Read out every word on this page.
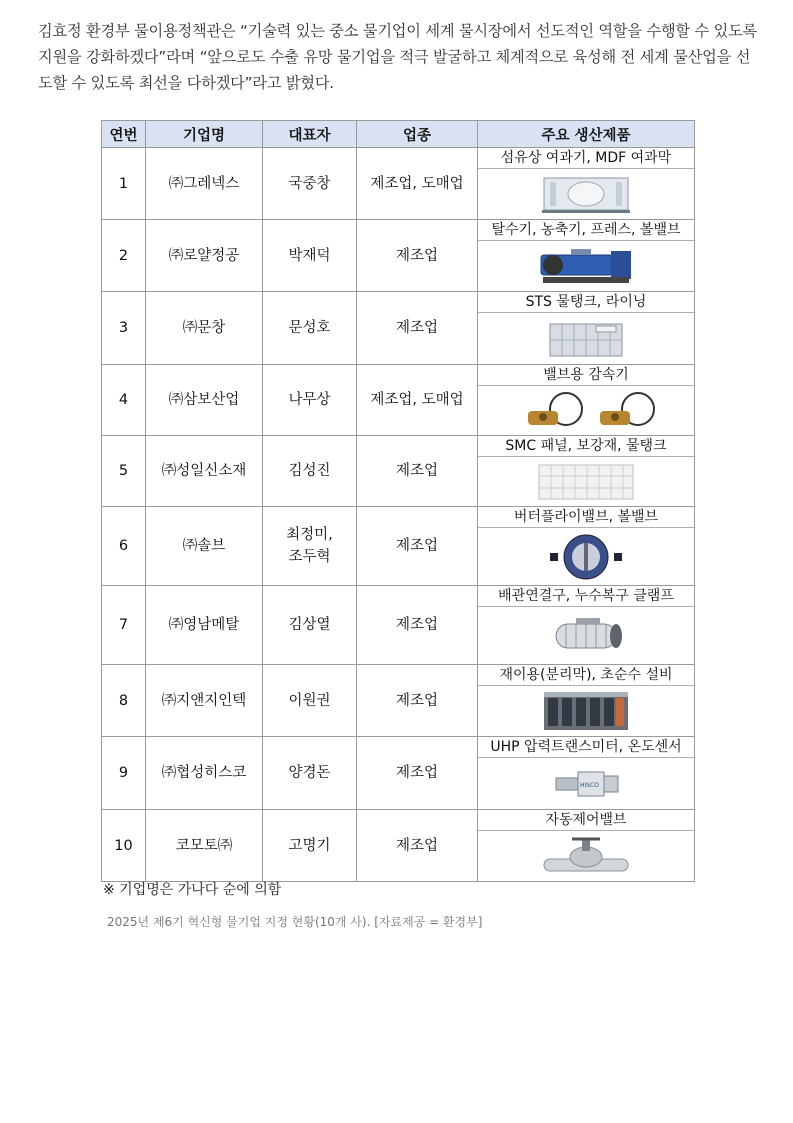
김효정 환경부 물이용정책관은 “기술력 있는 중소 물기업이 세계 물시장에서 선도적인 역할을 수행할 수 있도록 지원을 강화하겠다”라며 “앞으로도 수출 유망 물기업을 적극 발굴하고 체계적으로 육성해 전 세계 물산업을 선도할 수 있도록 최선을 다하겠다”라고 밝혔다.

연번	기업명	대표자	업종	주요 생산제품
1	㈜그레넥스	국중창	제조업, 도매업	섬유상 여과기, MDF 여과막

2	㈜로얄정공	박재덕	제조업	탈수기, 농축기, 프레스, 볼밸브

3	㈜문창	문성호	제조업	STS 물탱크, 라이닝

4	㈜삼보산업	나무상	제조업, 도매업	밸브용 감속기

5	㈜성일신소재	김성진	제조업	SMC 패널, 보강재, 물탱크

6	㈜솔브	최정미,
조두혁	제조업	버터플라이밸브, 볼밸브

7	㈜영남메탈	김상열	제조업	배관연결구, 누수복구 클램프

8	㈜지앤지인텍	이원권	제조업	재이용(분리막), 초순수 설비

9	㈜협성히스코	양경돈	제조업	UHP 압력트랜스미터, 온도센서
HISCO

10	코모토㈜	고명기	제조업	자동제어밸브
※ 기업명은 가나다 순에 의함
2025년 제6기 혁신형 물기업 지정 현황(10개 사). [자료제공 = 환경부]
